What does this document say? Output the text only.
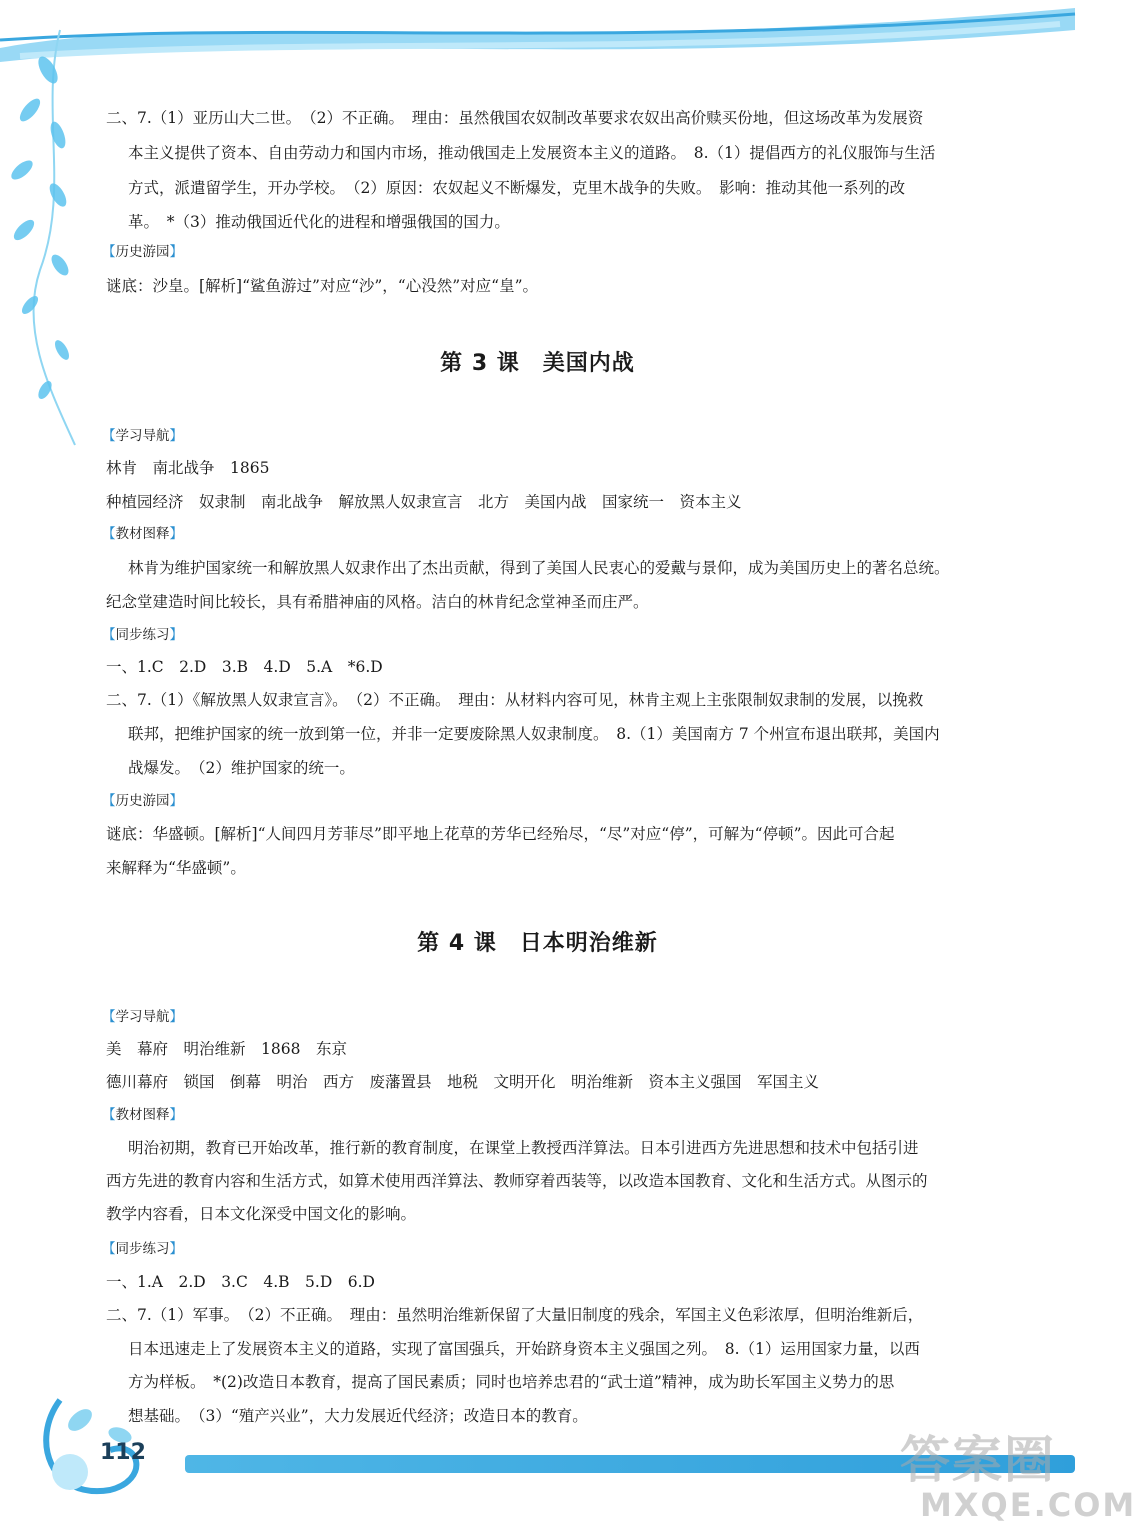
112	答案圈
MXQE.COM
二、7.（1）亚历山大二世。　（2）不正确。　理由：虽然俄国农奴制改革要求农奴出高价赎买份地，但这场改革为发展资
本主义提供了资本、自由劳动力和国内市场，推动俄国走上发展资本主义的道路。　8.（1）提倡西方的礼仪服饰与生活
方式，派遣留学生，开办学校。　（2）原因：农奴起义不断爆发，克里木战争的失败。　影响：推动其他一系列的改
革。　*（3）推动俄国近代化的进程和增强俄国的国力。
【 历史游园 】
谜底：沙皇。[解析]“鲨鱼游过”对应“沙”，“心没然”对应“皇”。
第 3 课　美国内战
【 学习导航 】
林肯　南北战争　1865
种植园经济　奴隶制　南北战争　解放黑人奴隶宣言　北方　美国内战　国家统一　资本主义
【 教材图释 】
林肯为维护国家统一和解放黑人奴隶作出了杰出贡献，得到了美国人民衷心的爱戴与景仰，成为美国历史上的著名总统。
纪念堂建造时间比较长，具有希腊神庙的风格。洁白的林肯纪念堂神圣而庄严。
【 同步练习 】
一、1.C　2.D　3.B　4.D　5.A　*6.D
二、7.（1）《解放黑人奴隶宣言》。　（2）不正确。　理由：从材料内容可见，林肯主观上主张限制奴隶制的发展，以挽救
联邦，把维护国家的统一放到第一位，并非一定要废除黑人奴隶制度。　8.（1）美国南方 7 个州宣布退出联邦，美国内
战爆发。　（2）维护国家的统一。
【 历史游园 】
谜底：华盛顿。[解析]“人间四月芳菲尽”即平地上花草的芳华已经殆尽，“尽”对应“停”，可解为“停顿”。因此可合起
来解释为“华盛顿”。
第 4 课　日本明治维新
【 学习导航 】
美　幕府　明治维新　1868　东京
德川幕府　锁国　倒幕　明治　西方　废藩置县　地税　文明开化　明治维新　资本主义强国　军国主义
【 教材图释 】
明治初期，教育已开始改革，推行新的教育制度，在课堂上教授西洋算法。日本引进西方先进思想和技术中包括引进
西方先进的教育内容和生活方式，如算术使用西洋算法、教师穿着西装等，以改造本国教育、文化和生活方式。从图示的
教学内容看，日本文化深受中国文化的影响。
【 同步练习 】
一、1.A　2.D　3.C　4.B　5.D　6.D
二、7.（1）军事。　（2）不正确。　理由：虽然明治维新保留了大量旧制度的残余，军国主义色彩浓厚，但明治维新后，
日本迅速走上了发展资本主义的道路，实现了富国强兵，开始跻身资本主义强国之列。　8.（1）运用国家力量，以西
方为样板。　*(2)改造日本教育，提高了国民素质；同时也培养忠君的“武士道”精神，成为助长军国主义势力的思
想基础。　（3）“殖产兴业”，大力发展近代经济；改造日本的教育。
